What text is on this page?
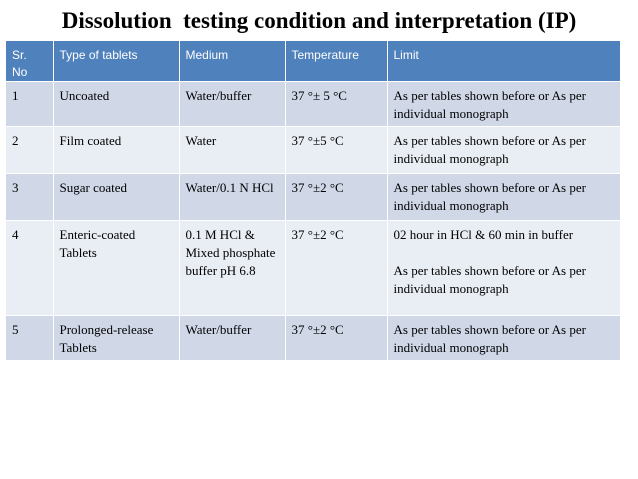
Dissolution  testing condition and interpretation (IP)
Sr.
No	Type of tablets	Medium	Temperature	Limit
1	Uncoated	Water/buffer	37 °± 5 °C	As per tables shown before or As per individual monograph

2	Film coated	Water	37 °±5 °C	As per tables shown before or As per individual monograph

3	Sugar coated	Water/0.1 N HCl	37 °±2 °C	As per tables shown before or As per individual monograph

4	Enteric-coated Tablets	0.1 M HCl & Mixed phosphate buffer pH 6.8	37 °±2 °C	02 hour in HCl & 60 min in buffer
As per tables shown before or As per individual monograph

5	Prolonged-release Tablets	Water/buffer	37 °±2 °C	As per tables shown before or As per individual monograph
